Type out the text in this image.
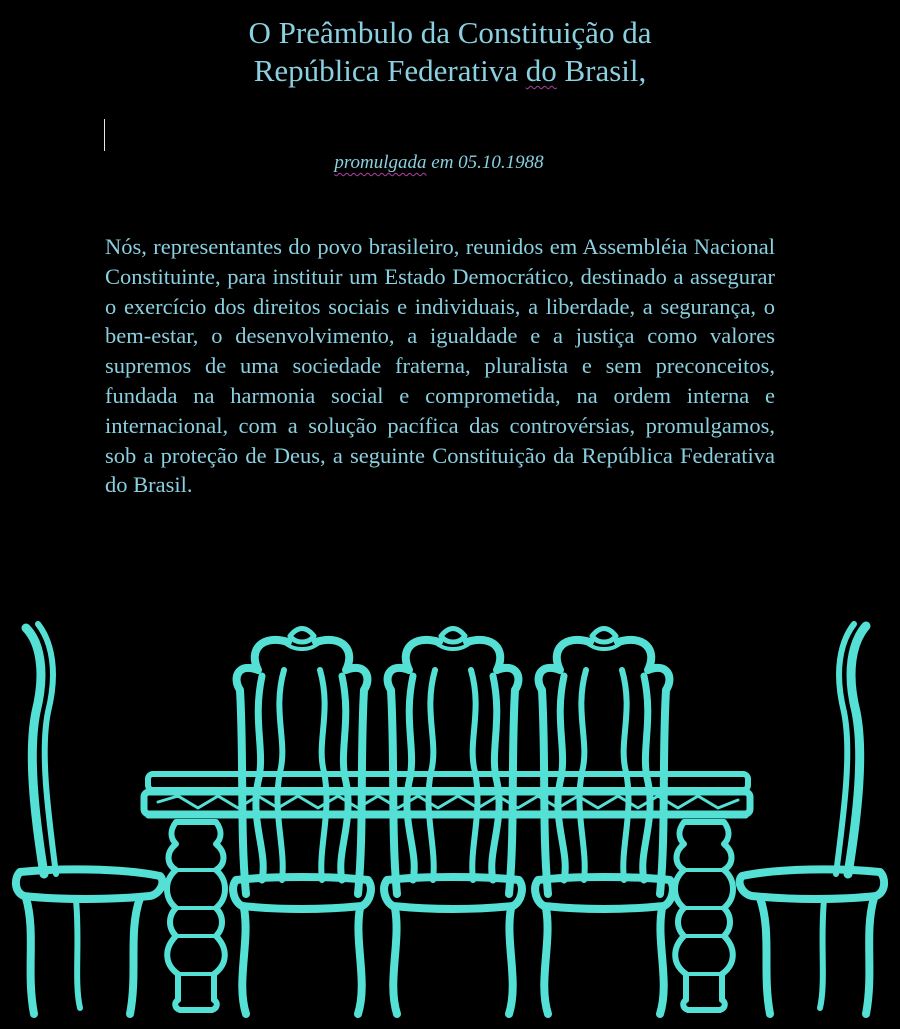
O Preâmbulo da Constituição da
República Federativa do Brasil,

promulgada em 05.10.1988

Nós, representantes do povo brasileiro, reunidos em Assembléia Nacional Constituinte, para instituir um Estado Democrático, destinado a assegurar o exercício dos direitos sociais e individuais, a liberdade, a segurança, o bem-estar, o desenvolvimento, a igualdade e a justiça como valores supremos de uma sociedade fraterna, pluralista e sem preconceitos, fundada na harmonia social e comprometida, na ordem interna e internacional, com a solução pacífica das controvérsias, promulgamos, sob a proteção de Deus, a seguinte Constituição da República Federativa do Brasil.
